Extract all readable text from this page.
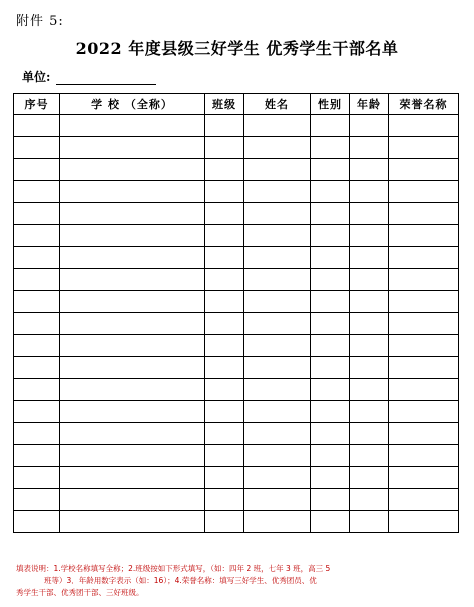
附件 5:
2022 年度县级三好学生 优秀学生干部名单
单位:
序号	学 校 （全称）	班级	姓名	性别	年龄	荣誉名称

填表说明：1.学校名称填写全称；2.班级按如下形式填写，（如：四年 2 班，七年 3 班，高三 5

班等）3．年龄用数字表示（如：16）；4.荣誉名称：填写三好学生、优秀团员、优
秀学生干部、优秀团干部、三好班级。
